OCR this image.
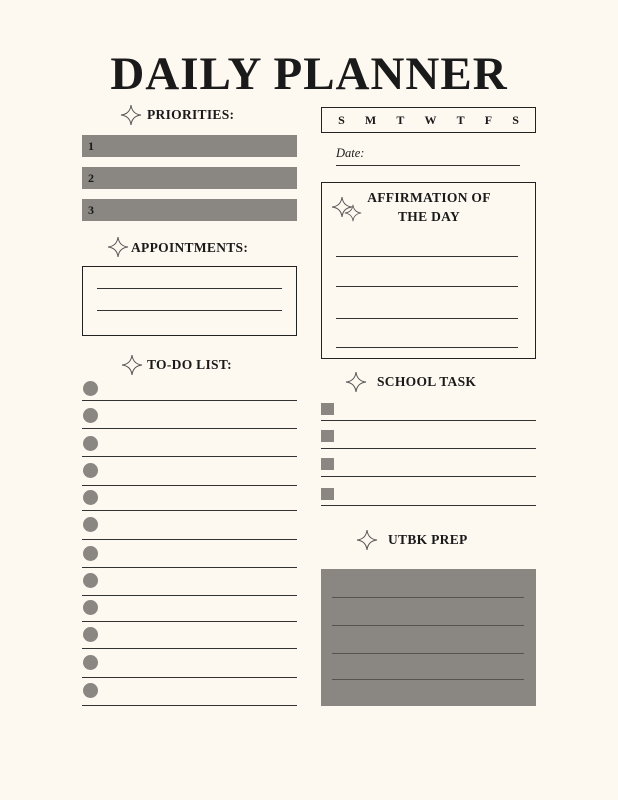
DAILY PLANNER
PRIORITIES:
1
2
3
S M T W T F S
Date:
AFFIRMATION OF
THE DAY
APPOINTMENTS:
TO-DO LIST:
SCHOOL TASK
UTBK PREP
